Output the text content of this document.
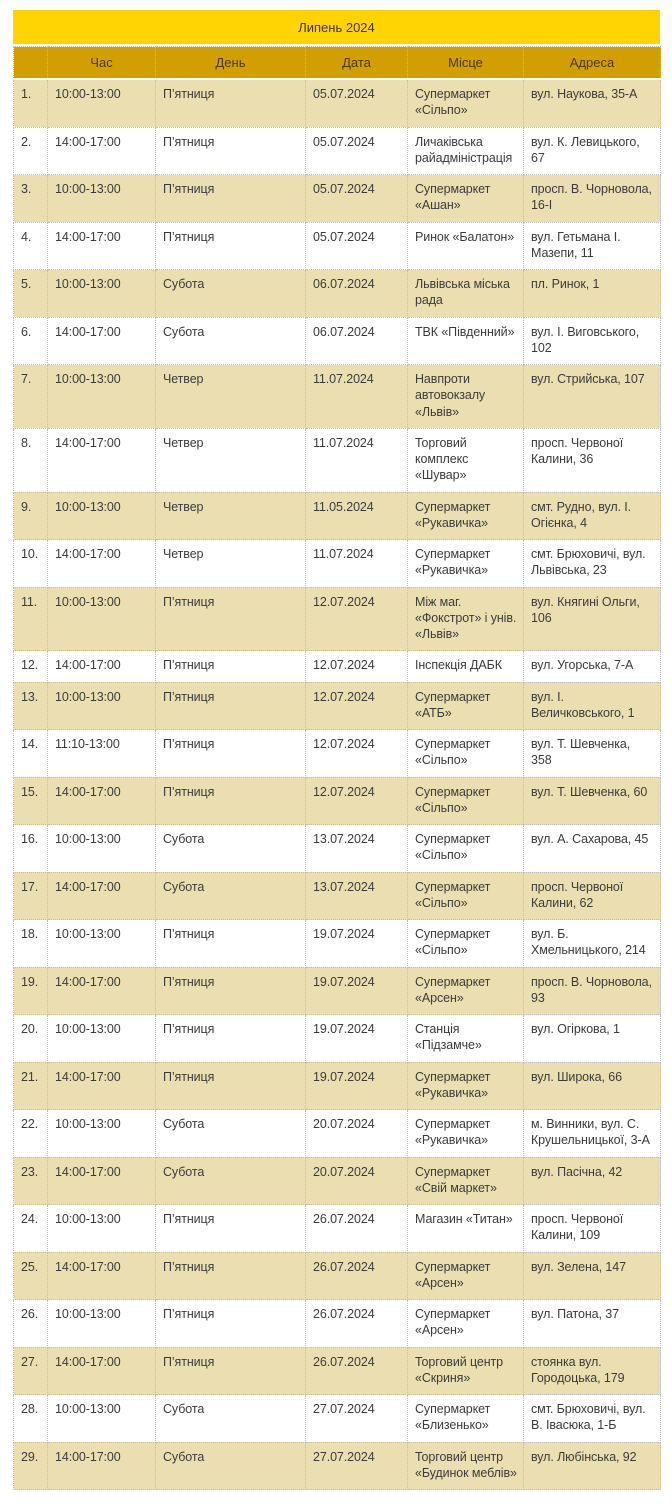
Липень 2024
	Час	День	Дата	Місце	Адреса
1.	10:00-13:00	П’ятниця	05.07.2024	Супермаркет «Сільпо»	вул. Наукова, 35-А
2.	14:00-17:00	П’ятниця	05.07.2024	Личаківська райадміністрація	вул. К. Левицького, 67
3.	10:00-13:00	П’ятниця	05.07.2024	Супермаркет «Ашан»	просп. В. Чорновола, 16-І
4.	14:00-17:00	П’ятниця	05.07.2024	Ринок «Балатон»	вул. Гетьмана І. Мазепи, 11
5.	10:00-13:00	Субота	06.07.2024	Львівська міська рада	пл. Ринок, 1
6.	14:00-17:00	Субота	06.07.2024	ТВК «Південний»	вул. І. Виговського, 102
7.	10:00-13:00	Четвер	11.07.2024	Навпроти автовокзалу «Львів»	вул. Стрийська, 107
8.	14:00-17:00	Четвер	11.07.2024	Торговий комплекс «Шувар»	просп. Червоної Калини, 36
9.	10:00-13:00	Четвер	11.05.2024	Супермаркет «Рукавичка»	смт. Рудно, вул. І. Огієнка, 4
10.	14:00-17:00	Четвер	11.07.2024	Супермаркет «Рукавичка»	смт. Брюховичі, вул. Львівська, 23
11.	10:00-13:00	П’ятниця	12.07.2024	Між маг. «Фокстрот» і унів. «Львів»	вул. Княгині Ольги, 106
12.	14:00-17:00	П’ятниця	12.07.2024	Інспекція ДАБК	вул. Угорська, 7-А
13.	10:00-13:00	П’ятниця	12.07.2024	Супермаркет «АТБ»	вул. І. Величковського, 1
14.	11:10-13:00	П’ятниця	12.07.2024	Супермаркет «Сільпо»	вул. Т. Шевченка, 358
15.	14:00-17:00	П’ятниця	12.07.2024	Супермаркет «Сільпо»	вул. Т. Шевченка, 60
16.	10:00-13:00	Субота	13.07.2024	Супермаркет «Сільпо»	вул. А. Сахарова, 45
17.	14:00-17:00	Субота	13.07.2024	Супермаркет «Сільпо»	просп. Червоної Калини, 62
18.	10:00-13:00	П’ятниця	19.07.2024	Супермаркет «Сільпо»	вул. Б. Хмельницького, 214
19.	14:00-17:00	П’ятниця	19.07.2024	Супермаркет «Арсен»	просп. В. Чорновола, 93
20.	10:00-13:00	П’ятниця	19.07.2024	Станція «Підзамче»	вул. Огіркова, 1
21.	14:00-17:00	П’ятниця	19.07.2024	Супермаркет «Рукавичка»	вул. Широка, 66
22.	10:00-13:00	Субота	20.07.2024	Супермаркет «Рукавичка»	м. Винники, вул. С. Крушельницької, 3-А
23.	14:00-17:00	Субота	20.07.2024	Супермаркет «Свій маркет»	вул. Пасічна, 42
24.	10:00-13:00	П’ятниця	26.07.2024	Магазин «Титан»	просп. Червоної Калини, 109
25.	14:00-17:00	П’ятниця	26.07.2024	Супермаркет «Арсен»	вул. Зелена, 147
26.	10:00-13:00	П’ятниця	26.07.2024	Супермаркет «Арсен»	вул. Патона, 37
27.	14:00-17:00	П’ятниця	26.07.2024	Торговий центр «Скриня»	стоянка вул. Городоцька, 179
28.	10:00-13:00	Субота	27.07.2024	Супермаркет «Близенько»	смт. Брюховичі, вул. В. Івасюка, 1-Б
29.	14:00-17:00	Субота	27.07.2024	Торговий центр «Будинок меблів»	вул. Любінська, 92
